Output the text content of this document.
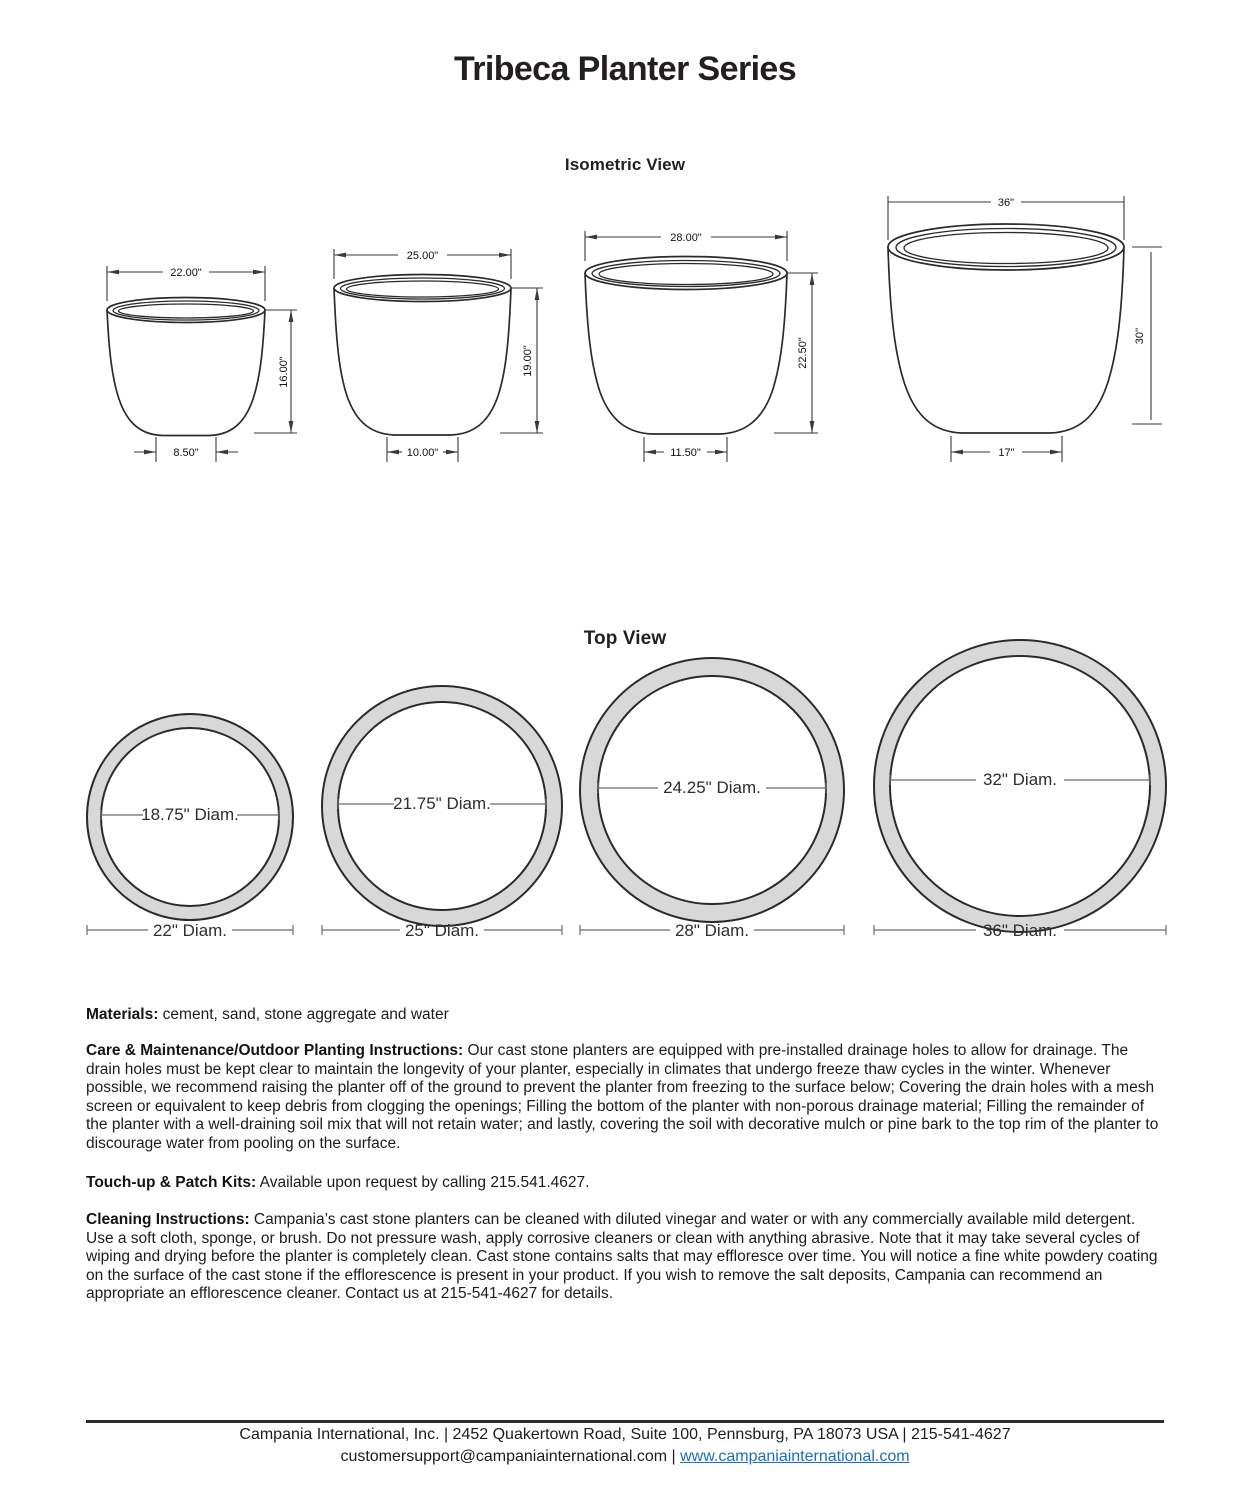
Tribeca Planter Series
Isometric View
22.00"
16.00"
8.50"
25.00"
19.00"
10.00"
28.00"
22.50"
11.50"
36"
30''
17"
Top View
18.75" Diam.
22" Diam.
21.75" Diam.
25" Diam.
24.25" Diam.
28" Diam.
32" Diam.
36" Diam.

Materials: cement, sand, stone aggregate and water

Care & Maintenance/Outdoor Planting Instructions: Our cast stone planters are equipped with pre-installed drainage holes to allow for drainage. The drain holes must be kept clear to maintain the longevity of your planter, especially in climates that undergo freeze thaw cycles in the winter. Whenever possible, we recommend raising the planter off of the ground to prevent the planter from freezing to the surface below; Covering the drain holes with a mesh screen or equivalent to keep debris from clogging the openings; Filling the bottom of the planter with non-porous drainage material; Filling the remainder of the planter with a well-draining soil mix that will not retain water; and lastly, covering the soil with decorative mulch or pine bark to the top rim of the planter to discourage water from pooling on the surface.

Touch-up & Patch Kits: Available upon request by calling 215.541.4627.

Cleaning Instructions: Campania’s cast stone planters can be cleaned with diluted vinegar and water or with any commercially available mild detergent. Use a soft cloth, sponge, or brush. Do not pressure wash, apply corrosive cleaners or clean with anything abrasive. Note that it may take several cycles of wiping and drying before the planter is completely clean. Cast stone contains salts that may effloresce over time. You will notice a fine white powdery coating on the surface of the cast stone if the efflorescence is present in your product. If you wish to remove the salt deposits, Campania can recommend an appropriate an efflorescence cleaner. Contact us at 215-541-4627 for details.

Campania International, Inc. | 2452 Quakertown Road, Suite 100, Pennsburg, PA 18073 USA | 215-541-4627
customersupport@campaniainternational.com | www.campaniainternational.com
